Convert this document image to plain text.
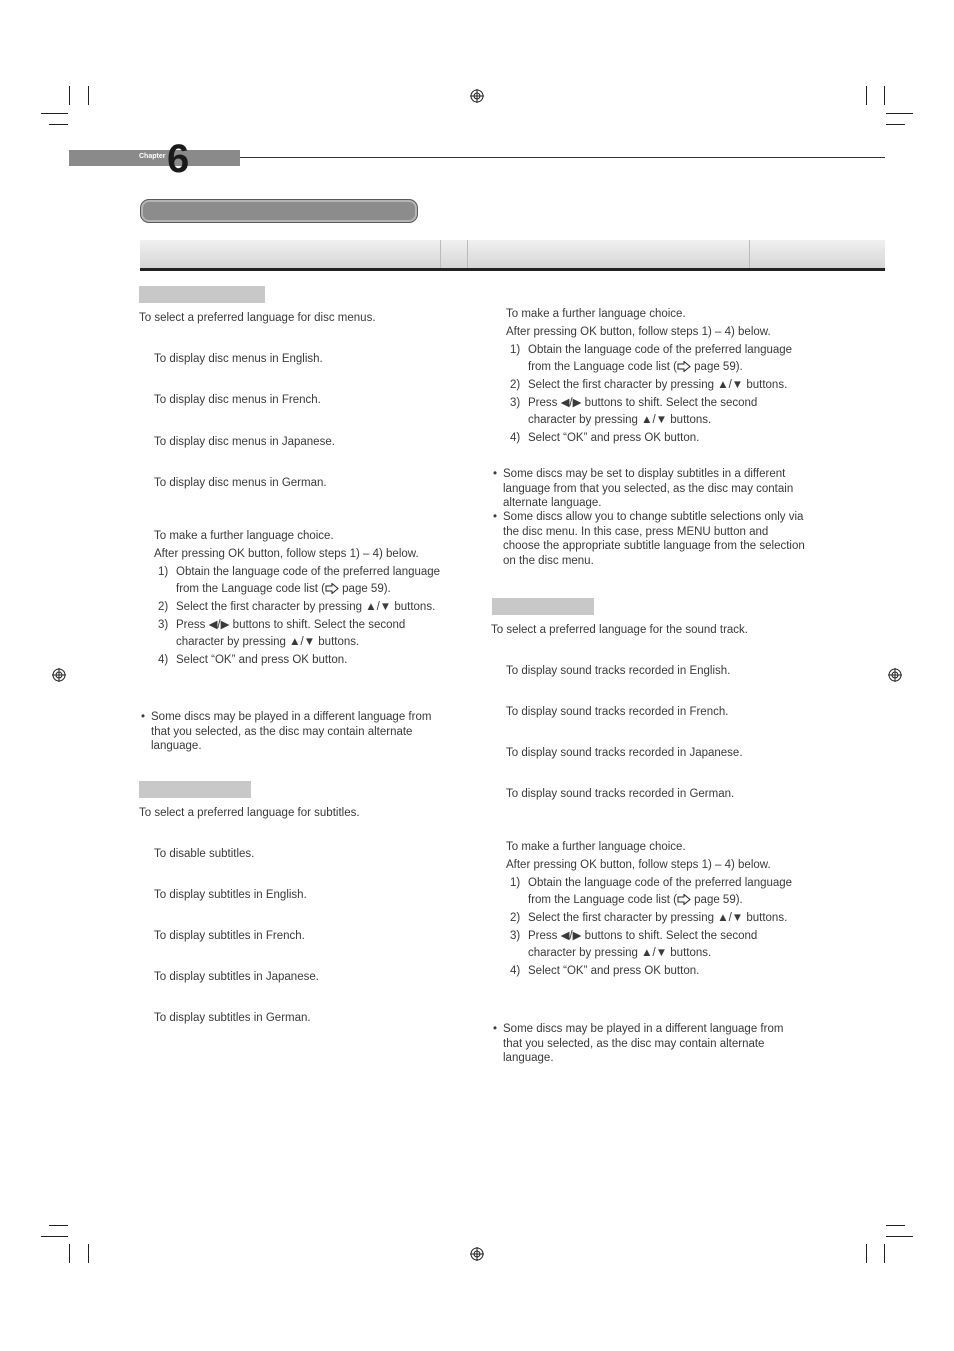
Chapter 6
To select a preferred language for disc menus.
To display disc menus in English.
To display disc menus in French.
To display disc menus in Japanese.
To display disc menus in German.
To make a further language choice.
After pressing OK button, follow steps 1) – 4) below.
1) Obtain the language code of the preferred language
from the Language code list ( page 59).
2) Select the first character by pressing ▲/▼ buttons.
3) Press ◀/▶ buttons to shift. Select the second
character by pressing ▲/▼ buttons.
4) Select “OK” and press OK button.
• Some discs may be played in a different language from that you selected, as the disc may contain alternate language.
To select a preferred language for subtitles.
To disable subtitles.
To display subtitles in English.
To display subtitles in French.
To display subtitles in Japanese.
To display subtitles in German.
To make a further language choice.
After pressing OK button, follow steps 1) – 4) below.
1) Obtain the language code of the preferred language
from the Language code list ( page 59).
2) Select the first character by pressing ▲/▼ buttons.
3) Press ◀/▶ buttons to shift. Select the second
character by pressing ▲/▼ buttons.
4) Select “OK” and press OK button.
• Some discs may be set to display subtitles in a different language from that you selected, as the disc may contain alternate language.
• Some discs allow you to change subtitle selections only via the disc menu. In this case, press MENU button and choose the appropriate subtitle language from the selection on the disc menu.
To select a preferred language for the sound track.
To display sound tracks recorded in English.
To display sound tracks recorded in French.
To display sound tracks recorded in Japanese.
To display sound tracks recorded in German.
To make a further language choice.
After pressing OK button, follow steps 1) – 4) below.
1) Obtain the language code of the preferred language
from the Language code list ( page 59).
2) Select the first character by pressing ▲/▼ buttons.
3) Press ◀/▶ buttons to shift. Select the second
character by pressing ▲/▼ buttons.
4) Select “OK” and press OK button.
• Some discs may be played in a different language from that you selected, as the disc may contain alternate language.
